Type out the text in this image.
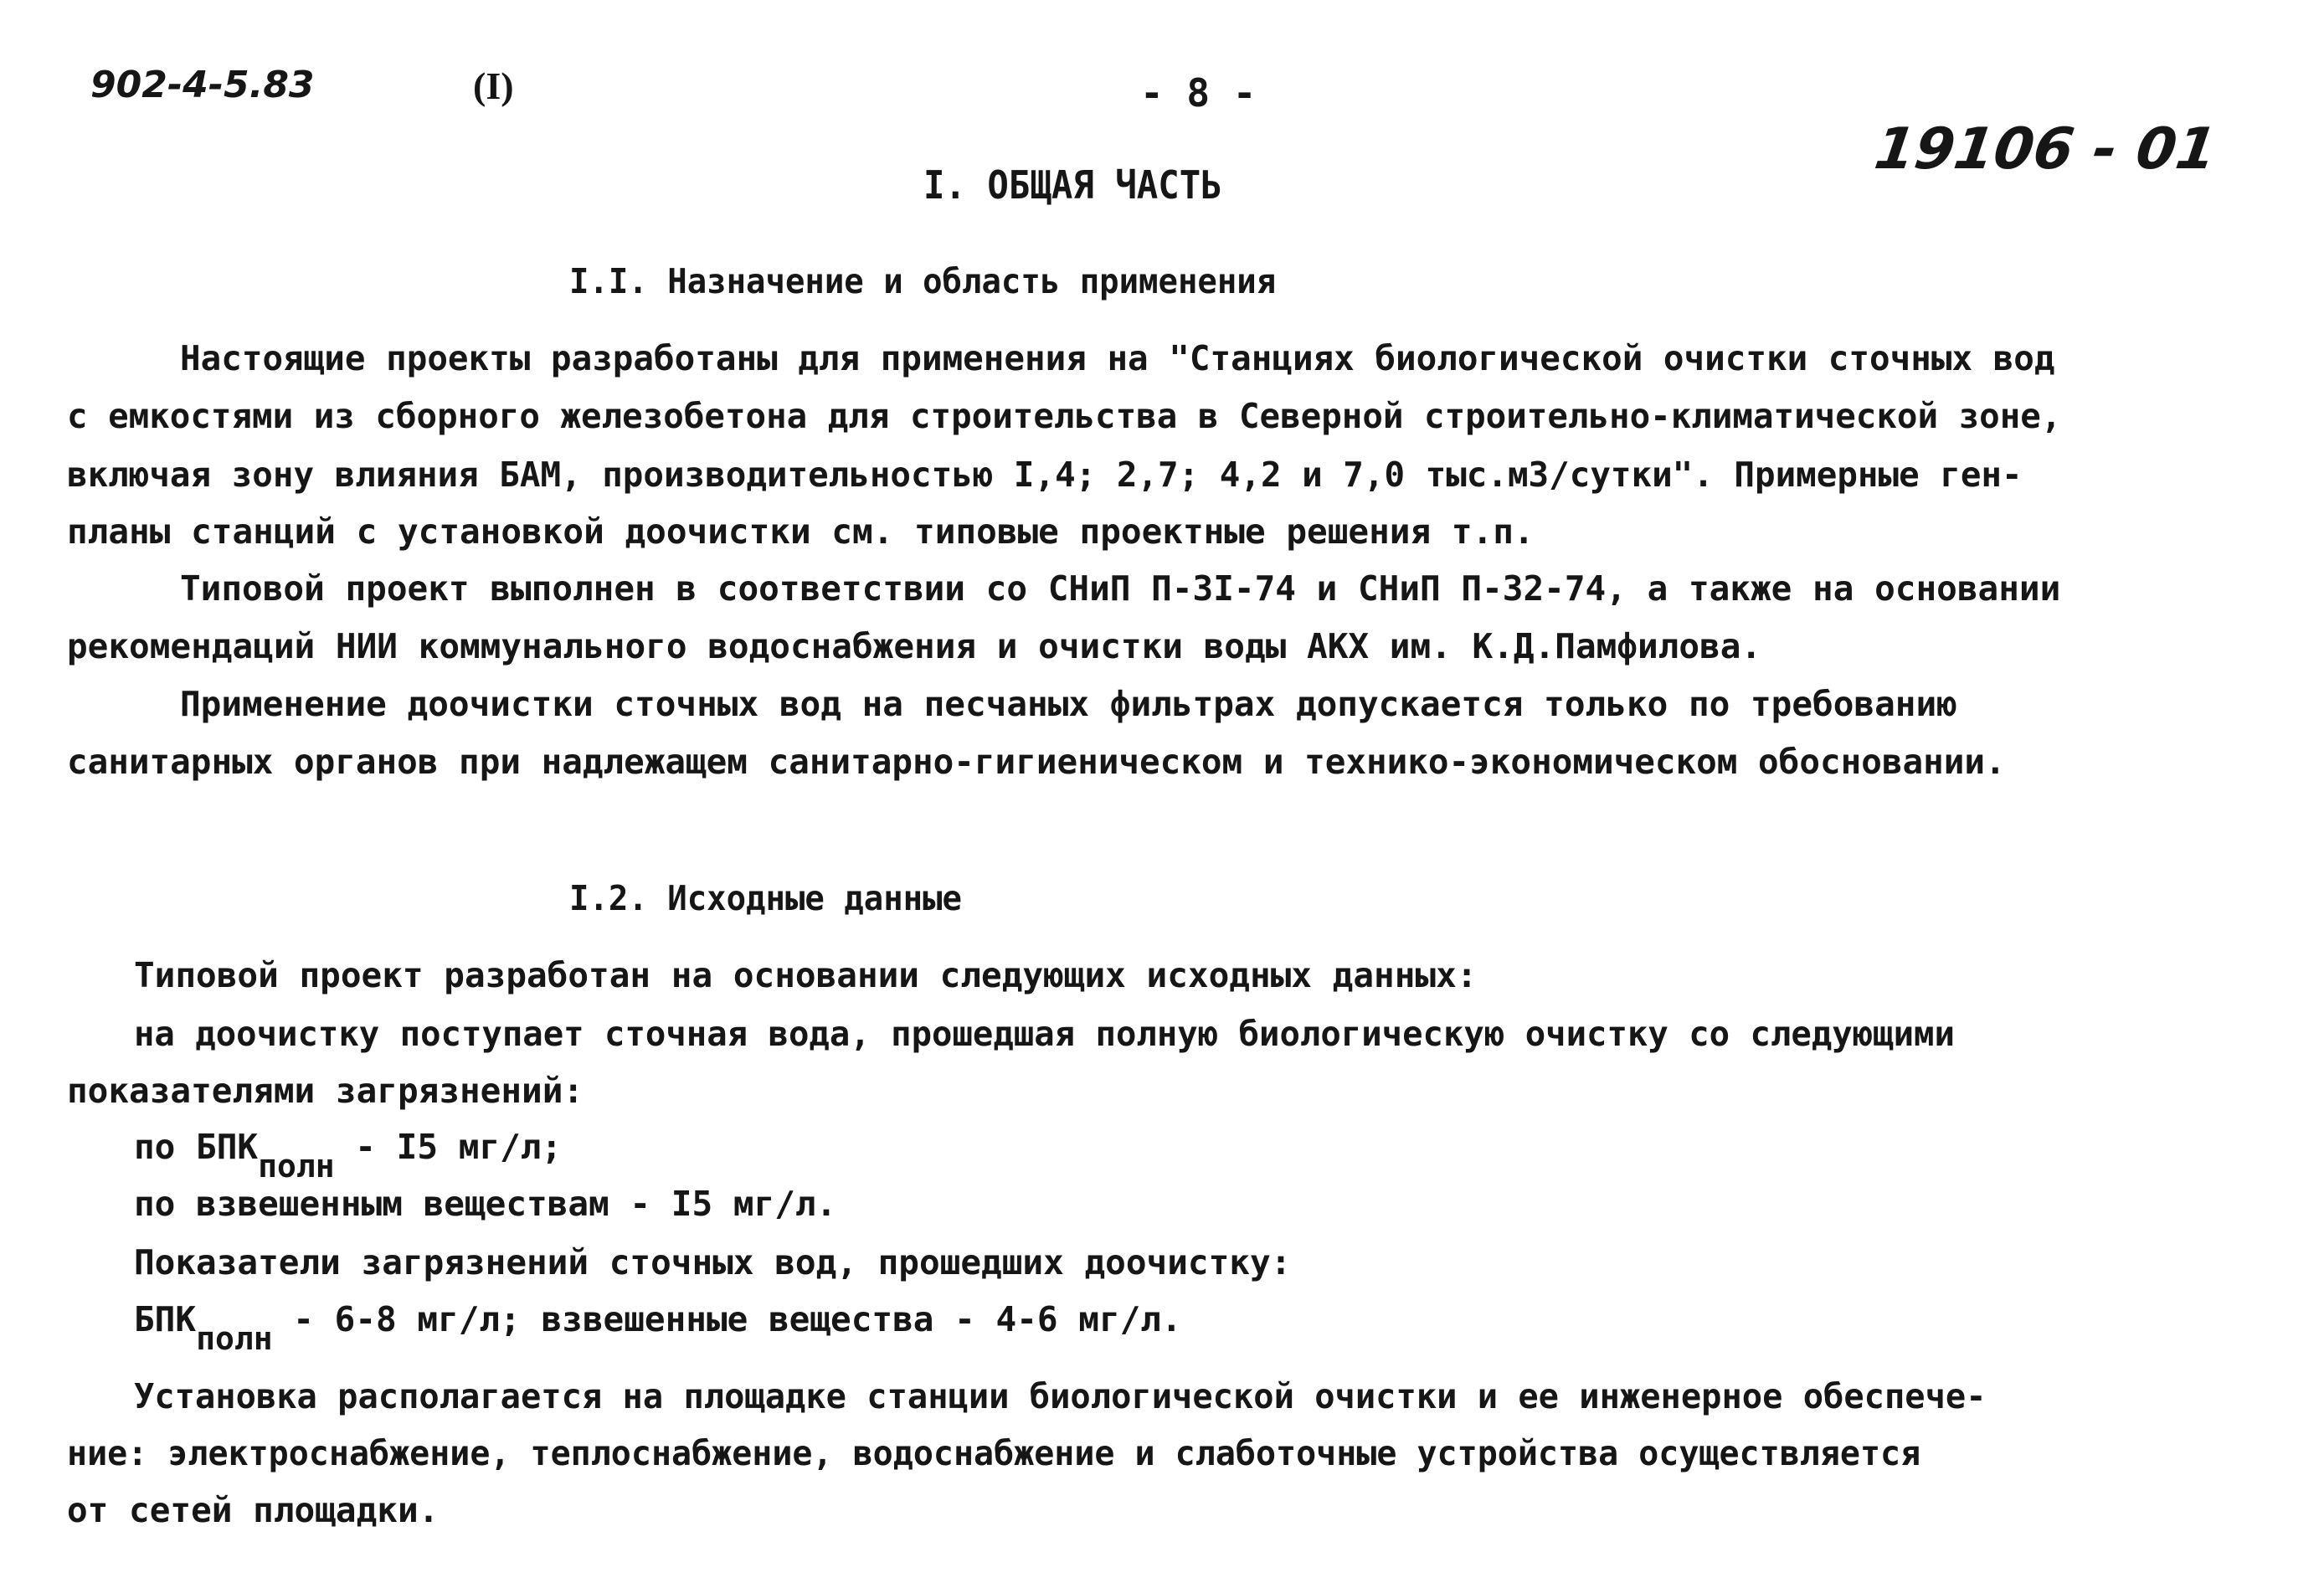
902-4-5.83	(I)	- 8 -
19106 - 01
I. ОБЩАЯ ЧАСТЬ
I.I. Назначение и область применения
Настоящие проекты разработаны для применения на "Станциях биологической очистки сточных вод
с емкостями из сборного железобетона для строительства в Северной строительно-климатической зоне,
включая зону влияния БАМ, производительностью I,4; 2,7; 4,2 и 7,0 тыс.м3/сутки". Примерные ген-
планы станций с установкой доочистки см. типовые проектные решения т.п.
Типовой проект выполнен в соответствии со СНиП П-3I-74 и СНиП П-32-74, а также на основании
рекомендаций НИИ коммунального водоснабжения и очистки воды АКХ им. К.Д.Памфилова.
Применение доочистки сточных вод на песчаных фильтрах допускается только по требованию
санитарных органов при надлежащем санитарно-гигиеническом и технико-экономическом обосновании.
I.2. Исходные данные
Типовой проект разработан на основании следующих исходных данных:
на доочистку поступает сточная вода, прошедшая полную биологическую очистку со следующими
показателями загрязнений:
по БПКполн - I5 мг/л;
по взвешенным веществам - I5 мг/л.
Показатели загрязнений сточных вод, прошедших доочистку:
БПКполн - 6-8 мг/л; взвешенные вещества - 4-6 мг/л.
Установка располагается на площадке станции биологической очистки и ее инженерное обеспече-
ние: электроснабжение, теплоснабжение, водоснабжение и слаботочные устройства осуществляется
от сетей площадки.
